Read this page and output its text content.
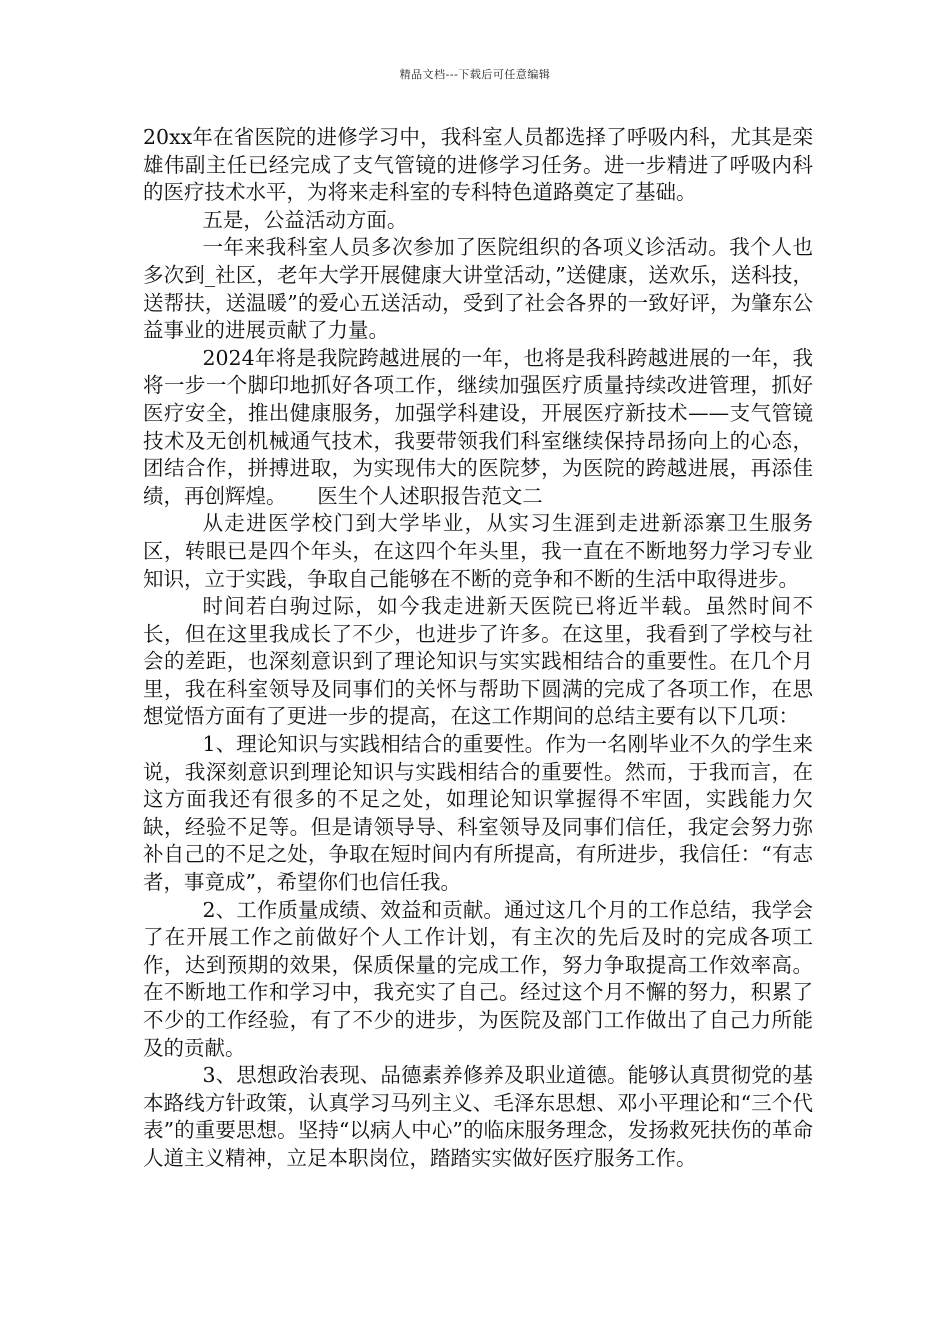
精品文档---下载后可任意编辑

20xx年在省医院的进修学习中，我科室人员都选择了呼吸内科，尤其是栾雄伟副主任已经完成了支气管镜的进修学习任务。进一步精进了呼吸内科的医疗技术水平，为将来走科室的专科特色道路奠定了基础。

五是，公益活动方面。

一年来我科室人员多次参加了医院组织的各项义诊活动。我个人也多次到_社区，老年大学开展健康大讲堂活动，”送健康，送欢乐，送科技，送帮扶，送温暖”的爱心五送活动，受到了社会各界的一致好评，为肇东公益事业的进展贡献了力量。

2024年将是我院跨越进展的一年，也将是我科跨越进展的一年，我将一步一个脚印地抓好各项工作，继续加强医疗质量持续改进管理，抓好医疗安全，推出健康服务，加强学科建设，开展医疗新技术——支气管镜技术及无创机械通气技术，我要带领我们科室继续保持昂扬向上的心态，团结合作，拼搏进取，为实现伟大的医院梦，为医院的跨越进展，再添佳绩，再创辉煌。　　医生个人述职报告范文二

从走进医学校门到大学毕业，从实习生涯到走进新添寨卫生服务区，转眼已是四个年头，在这四个年头里，我一直在不断地努力学习专业知识，立于实践，争取自己能够在不断的竞争和不断的生活中取得进步。

时间若白驹过际，如今我走进新天医院已将近半载。虽然时间不长，但在这里我成长了不少，也进步了许多。在这里，我看到了学校与社会的差距，也深刻意识到了理论知识与实实践相结合的重要性。在几个月里，我在科室领导及同事们的关怀与帮助下圆满的完成了各项工作，在思想觉悟方面有了更进一步的提高，在这工作期间的总结主要有以下几项：

1、理论知识与实践相结合的重要性。作为一名刚毕业不久的学生来说，我深刻意识到理论知识与实践相结合的重要性。然而，于我而言，在这方面我还有很多的不足之处，如理论知识掌握得不牢固，实践能力欠缺，经验不足等。但是请领导导、科室领导及同事们信任，我定会努力弥补自己的不足之处，争取在短时间内有所提高，有所进步，我信任：“有志者，事竟成”，希望你们也信任我。

2、工作质量成绩、效益和贡献。通过这几个月的工作总结，我学会了在开展工作之前做好个人工作计划，有主次的先后及时的完成各项工作，达到预期的效果，保质保量的完成工作，努力争取提高工作效率高。在不断地工作和学习中，我充实了自己。经过这个月不懈的努力，积累了不少的工作经验，有了不少的进步，为医院及部门工作做出了自己力所能及的贡献。

3、思想政治表现、品德素养修养及职业道德。能够认真贯彻党的基本路线方针政策，认真学习马列主义、毛泽东思想、邓小平理论和“三个代表”的重要思想。坚持“以病人中心”的临床服务理念，发扬救死扶伤的革命人道主义精神，立足本职岗位，踏踏实实做好医疗服务工作。
